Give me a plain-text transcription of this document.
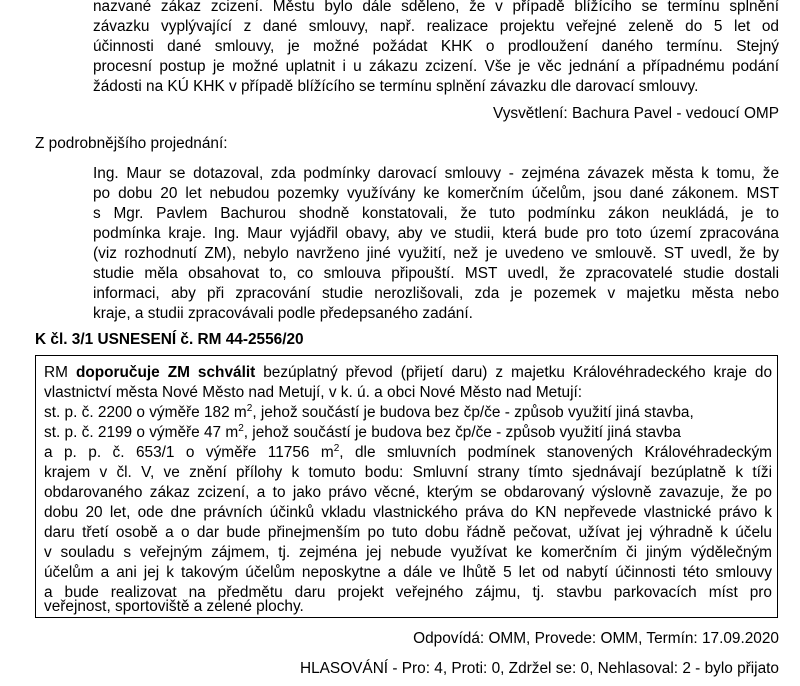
nazvané zákaz zcizení. Městu bylo dále sděleno, že v případě blížícího se termínu splnění
závazku vyplývající z dané smlouvy, např. realizace projektu veřejné zeleně do 5 let od
účinnosti dané smlouvy, je možné požádat KHK o prodloužení daného termínu. Stejný
procesní postup je možné uplatnit i u zákazu zcizení. Vše je věc jednání a případnému podání
žádosti na KÚ KHK v případě blížícího se termínu splnění závazku dle darovací smlouvy.
Vysvětlení: Bachura Pavel - vedoucí OMP
Z podrobnějšího projednání:
Ing. Maur se dotazoval, zda podmínky darovací smlouvy - zejména závazek města k tomu, že
po dobu 20 let nebudou pozemky využívány ke komerčním účelům, jsou dané zákonem. MST
s Mgr. Pavlem Bachurou shodně konstatovali, že tuto podmínku zákon neukládá, je to
podmínka kraje. Ing. Maur vyjádřil obavy, aby ve studii, která bude pro toto území zpracována
(viz rozhodnutí ZM), nebylo navrženo jiné využití, než je uvedeno ve smlouvě. ST uvedl, že by
studie měla obsahovat to, co smlouva připouští. MST uvedl, že zpracovatelé studie dostali
informaci, aby při zpracování studie nerozlišovali, zda je pozemek v majetku města nebo
kraje, a studii zpracovávali podle předepsaného zadání.
K čl. 3/1 USNESENÍ č. RM 44-2556/20
RM doporučuje ZM schválit bezúplatný převod (přijetí daru) z majetku Královéhradeckého kraje do
vlastnictví města Nové Město nad Metují, v k. ú. a obci Nové Město nad Metují:
st. p. č. 2200 o výměře 182 $m^2$, jehož součástí je budova bez čp/če - způsob využití jiná stavba,
st. p. č. 2199 o výměře 47 $m^2$, jehož součástí je budova bez čp/če - způsob využití jiná stavba
a p. p. č. 653/1 o výměře 11756 $m^2$, dle smluvních podmínek stanovených Královéhradeckým
krajem v čl. V, ve znění přílohy k tomuto bodu: Smluvní strany tímto sjednávají bezúplatně k tíži
obdarovaného zákaz zcizení, a to jako právo věcné, kterým se obdarovaný výslovně zavazuje, že po
dobu 20 let, ode dne právních účinků vkladu vlastnického práva do KN nepřevede vlastnické právo k
daru třetí osobě a o dar bude přinejmenším po tuto dobu řádně pečovat, užívat jej výhradně k účelu
v souladu s veřejným zájmem, tj. zejména jej nebude využívat ke komerčním či jiným výdělečným
účelům a ani jej k takovým účelům neposkytne a dále ve lhůtě 5 let od nabytí účinnosti této smlouvy
a bude realizovat na předmětu daru projekt veřejného zájmu, tj. stavbu parkovacích míst pro
veřejnost, sportoviště a zelené plochy.
Odpovídá: OMM, Provede: OMM, Termín: 17.09.2020
HLASOVÁNÍ - Pro: 4, Proti: 0, Zdržel se: 0, Nehlasoval: 2 - bylo přijato
